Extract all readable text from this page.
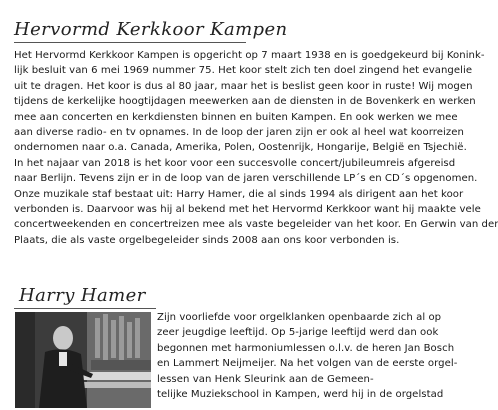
Hervormd Kerkkoor Kampen
Het Hervormd Kerkkoor Kampen is opgericht op 7 maart 1938 en is goedgekeurd bij Konink-
lijk besluit van 6 mei 1969 nummer 75. Het koor stelt zich ten doel zingend het evangelie
uit te dragen. Het koor is dus al 80 jaar, maar het is beslist geen koor in ruste! Wij mogen
tijdens de kerkelijke hoogtijdagen meewerken aan de diensten in de Bovenkerk en werken
mee aan concerten en kerkdiensten binnen en buiten Kampen. En ook werken we mee
aan diverse radio- en tv opnames. In de loop der jaren zijn er ook al heel wat koorreizen
ondernomen naar o.a. Canada, Amerika, Polen, Oostenrijk, Hongarije, België en Tsjechië.
In het najaar van 2018 is het koor voor een succesvolle concert/jubileumreis afgereisd
naar Berlijn. Tevens zijn er in de loop van de jaren verschillende LP´s en CD´s opgenomen.
Onze muzikale staf bestaat uit: Harry Hamer, die al sinds 1994 als dirigent aan het koor
verbonden is. Daarvoor was hij al bekend met het Hervormd Kerkkoor want hij maakte vele
concertweekenden en concertreizen mee als vaste begeleider van het koor. En Gerwin van der
Plaats, die als vaste orgelbegeleider sinds 2008 aan ons koor verbonden is.
Harry Hamer
Zijn voorliefde voor orgelklanken openbaarde zich al op
zeer jeugdige leeftijd. Op 5-jarige leeftijd werd dan ook
begonnen met harmoniumlessen o.l.v. de heren Jan Bosch
en Lammert Neijmeijer. Na het volgen van de eerste orgel-
lessen van Henk Sleurink aan de Gemeen-
telijke Muziekschool in Kampen, werd hij in de orgelstad
